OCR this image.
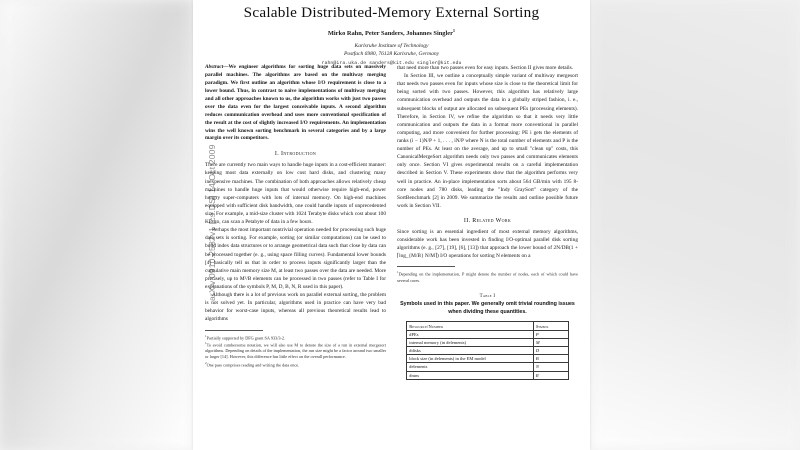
arXiv:0910.2582v1 [cs.DS] 14 Oct 2009
Scalable Distributed-Memory External Sorting
Mirko Rahn, Peter Sanders, Johannes Singler$^1$
Karlsruhe Institute of Technology
Postfach 6980, 76128 Karlsruhe, Germany
rahn@ira.uka.de sanders@kit.edu singler@kit.edu

Abstract—We engineer algorithms for sorting huge data sets on massively parallel machines. The algorithms are based on the multiway merging paradigm. We first outline an algorithm whose I/O requirement is close to a lower bound. Thus, in contrast to naive implementations of multiway merging and all other approaches known to us, the algorithm works with just two passes over the data even for the largest conceivable inputs. A second algorithm reduces communication overhead and uses more conventional specification of the result at the cost of slightly increased I/O requirements. An implementation wins the well known sorting benchmark in several categories and by a large margin over its competitors.

I. Introduction

There are currently two main ways to handle huge inputs in a cost-efficient manner: keeping most data externally on low cost hard disks, and clustering many inexpensive machines. The combination of both approaches allows relatively cheap machines to handle huge inputs that would otherwise require high-end, power hungry super-computers with lots of internal memory. On high-end machines equipped with sufficient disk bandwidth, one could handle inputs of unprecedented size. For example, a mid-size cluster with 1024 Terabyte disks which cost about 100 KEuro, can scan a Petabyte of data in a few hours.

Perhaps the most important nontrivial operation needed for processing such huge data sets is sorting. For example, sorting (or similar computations) can be used to build index data structures or to arrange geometrical data such that close by data can be processed together (e. g., using space filling curves). Fundamental lower bounds [4] basically tell us that in order to process inputs significantly larger than the cumulative main memory size M, at least two passes over the data are needed. More precisely, up to M²/B elements can be processed in two passes (refer to Table I for explanations of the symbols P, M, D, B, N, R used in this paper).

Although there is a lot of previous work on parallel external sorting, the problem is not solved yet. In particular, algorithms used in practice can have very bad behavior for worst-case inputs, whereas all previous theoretical results lead to algorithms

$^1$Partially supported by DFG grant SA 933/3-2.

$^1$To avoid cumbersome notation, we will also use M to denote the size of a run in external mergesort algorithms. Depending on details of the implementation, the run size might be a factor around two smaller or larger [14]. However, this difference has little effect on the overall performance.

$^2$One pass comprises reading and writing the data once.

that need more than two passes even for easy inputs. Section II gives more details.

In Section III, we outline a conceptually simple variant of multiway mergesort that needs two passes even for inputs whose size is close to the theoretical limit for being sorted with two passes. However, this algorithm has relatively large communication overhead and outputs the data in a globally striped fashion, i. e., subsequent blocks of output are allocated on subsequent PEs (processing elements). Therefore, in Section IV, we refine the algorithm so that it needs very little communication and outputs the data in a format more conventional in parallel computing, and more convenient for further processing: PE i gets the elements of ranks (i − 1)N/P + 1, . . . , iN/P where N is the total number of elements and P is the number of PEs. At least on the average, and up to small "clean up" costs, this CanonicalMergeSort algorithm needs only two passes and communicates elements only once. Section VI gives experimental results on a careful implementation described in Section V. These experiments show that the algorithm performs very well in practice. An in-place implementation sorts about 564 GB/min with 195 8-core nodes and 780 disks, leading the "Indy GraySort" category of the SortBenchmark [2] in 2009. We summarize the results and outline possible future work in Section VII.

II. Related Work

Since sorting is an essential ingredient of most external memory algorithms, considerable work has been invested in finding I/O-optimal parallel disk sorting algorithms (e. g., [27], [19], [6], [13]) that approach the lower bound of 2N/DB(1 + ⌈log_{M/B} N/M⌉) I/O operations for sorting N elements on a

$^1$Depending on the implementation, P might denote the number of nodes, each of which could have several cores.

Table I
Symbols used in this paper. We generally omit trivial rounding issues when dividing these quantities.
Resource/Number	Symbol
#PEs	P
internal memory (in #elements)	M
#disks	D
block size (in #elements) in the EM model	B
#elements	N
#runs	R
